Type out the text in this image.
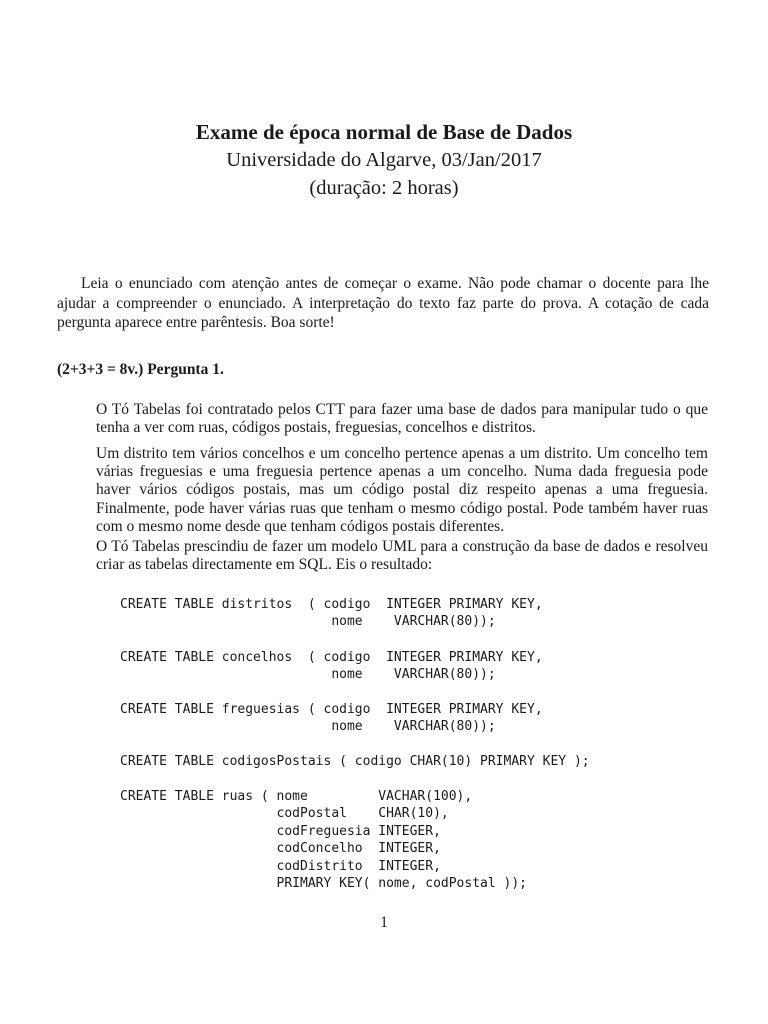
Exame de época normal de Base de Dados

Universidade do Algarve, 03/Jan/2017

(duração: 2 horas)

Leia o enunciado com atenção antes de começar o exame. Não pode chamar o docente para lhe ajudar a compreender o enunciado. A interpretação do texto faz parte do prova. A cotação de cada pergunta aparece entre parêntesis. Boa sorte!

(2+3+3 = 8v.) Pergunta 1.

O Tó Tabelas foi contratado pelos CTT para fazer uma base de dados para manipular tudo o que tenha a ver com ruas, códigos postais, freguesias, concelhos e distritos.

Um distrito tem vários concelhos e um concelho pertence apenas a um distrito. Um concelho tem várias freguesias e uma freguesia pertence apenas a um concelho. Numa dada freguesia pode haver vários códigos postais, mas um código postal diz respeito apenas a uma freguesia. Finalmente, pode haver várias ruas que tenham o mesmo código postal. Pode também haver ruas com o mesmo nome desde que tenham códigos postais diferentes.

O Tó Tabelas prescindiu de fazer um modelo UML para a construção da base de dados e resolveu criar as tabelas directamente em SQL. Eis o resultado:

CREATE TABLE distritos  ( codigo  INTEGER PRIMARY KEY,
nome    VARCHAR(80));
CREATE TABLE concelhos  ( codigo  INTEGER PRIMARY KEY,
nome    VARCHAR(80));
CREATE TABLE freguesias ( codigo  INTEGER PRIMARY KEY,
nome    VARCHAR(80));
CREATE TABLE codigosPostais ( codigo CHAR(10) PRIMARY KEY );
CREATE TABLE ruas ( nome         VACHAR(100),
codPostal    CHAR(10),
codFreguesia INTEGER,
codConcelho  INTEGER,
codDistrito  INTEGER,
PRIMARY KEY( nome, codPostal ));

1
